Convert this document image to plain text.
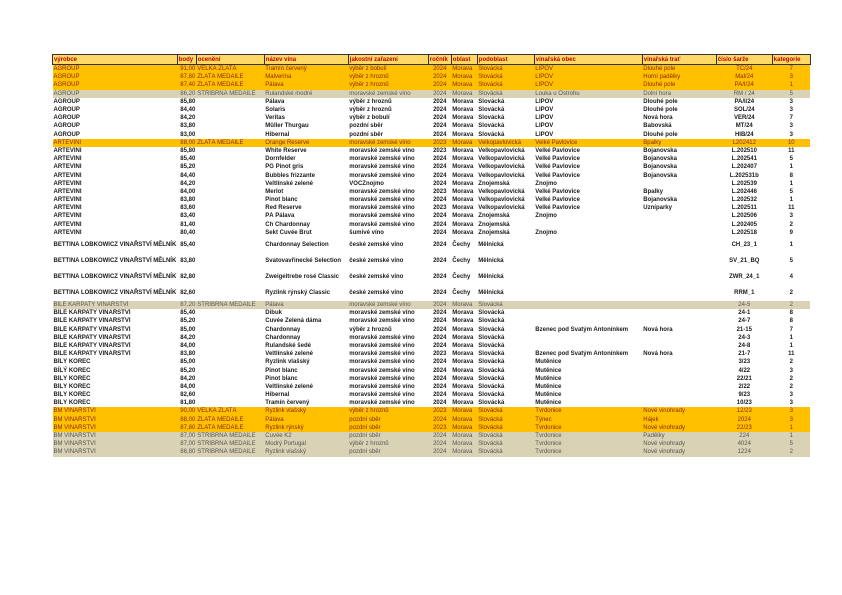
výrobce	body	ocenění	název vína	jakostní zařazení	ročník	oblast	podoblast	vinařská obec	vinařská trať	číslo šarže	kategorie
AGROUP	91,00	VELKÁ ZLATÁ	Tramín červený	výběr z bobulí	2024	Morava	Slovácká	LIPOV	Dlouhé pole	TČ/24	7
AGROUP	87,80	ZLATÁ MEDAILE	Malverina	výběr z hroznů	2024	Morava	Slovácká	LIPOV	Horní padělky	Mal/24	3
AGROUP	87,40	ZLATÁ MEDAILE	Pálava	výběr z hroznů	2024	Morava	Slovácká	LIPOV	Dlouhé pole	PA/I/24	1
AGROUP	86,20	STŘÍBRNÁ MEDAILE	Rulandské modré	moravské zemské víno	2024	Morava	Slovácká	Louka u Ostrohu	Dolní hora	RM / 24	5
AGROUP	85,80		Pálava	výběr z hroznů	2024	Morava	Slovácká	LIPOV	Dlouhé pole	PA/I/24	3
AGROUP	84,40		Solaris	výběr z hroznů	2024	Morava	Slovácká	LIPOV	Dlouhé pole	SOL/24	3
AGROUP	84,20		Veritas	výběr z bobulí	2024	Morava	Slovácká	LIPOV	Nová hora	VER/24	7
AGROUP	83,80		Müller Thurgau	pozdní sběr	2024	Morava	Slovácká	LIPOV	Babovská	MT/24	3
AGROUP	83,00		Hibernal	pozdní sběr	2024	Morava	Slovácká	LIPOV	Dlouhé pole	HIB/24	3
ARTEVINI	88,00	ZLATÁ MEDAILE	Orange Reserve	moravské zemské víno	2023	Morava	Velkopavlovická	Velké Pavlovice	Bpalky	L202412	10
ARTEVINI	85,80		White Reserve	moravské zemské víno	2023	Morava	Velkopavlovická	Velké Pavlovice	Bojanovska	L.202510	11
ARTEVINI	85,40		Dornfelder	moravské zemské víno	2024	Morava	Velkopavlovická	Velké Pavlovice	Bojanovska	L.202541	5
ARTEVINI	85,20		PG Pinot gris	moravské zemské víno	2024	Morava	Velkopavlovická	Velké Pavlovice	Bojanovska	L.202407	1
ARTEVINI	84,40		Bubbles frizzante	moravské zemské víno	2024	Morava	Velkopavlovická	Velké Pavlovice	Bojanovska	L.202531b	8
ARTEVINI	84,20		Veltlínské zelené	VOCZnojmo	2024	Morava	Znojemská	Znojmo		L.202539	1
ARTEVINI	84,00		Merlot	moravské zemské víno	2023	Morava	Velkopavlovická	Velké Pavlovice	Bpalky	L.202446	5
ARTEVINI	83,80		Pinot blanc	moravské zemské víno	2024	Morava	Velkopavlovická	Velké Pavlovice	Bojanovska	L.202532	1
ARTEVINI	83,60		Red Reserve	moravské zemské víno	2023	Morava	Velkopavlovická	Velké Pavlovice	Úzníparky	L.202511	11
ARTEVINI	83,40		PÁ Pálava	moravské zemské víno	2024	Morava	Znojemská	Znojmo		L.202506	3
ARTEVINI	81,40		Ch Chardonnay	moravské zemské víno	2024	Morava	Znojemská			L.202405	2
ARTEVINI	80,40		Sekt Cuvée Brut	šumivé víno	2024	Morava	Znojemská	Znojmo		L.202518	9
BETTINA LOBKOWICZ VINAŘSTVÍ MĚLNÍK	85,40		Chardonnay Selection	české zemské víno	2024	Čechy	Mělnická			CH_23_1	1
BETTINA LOBKOWICZ VINAŘSTVÍ MĚLNÍK	83,80		Svatovavřinecké Selection	české zemské víno	2024	Čechy	Mělnická			SV_21_BQ	5
BETTINA LOBKOWICZ VINAŘSTVÍ MĚLNÍK	82,80		Zweigeltrebe rosé Classic	české zemské víno	2024	Čechy	Mělnická			ZWR_24_1	4
BETTINA LOBKOWICZ VINAŘSTVÍ MĚLNÍK	82,60		Ryzlink rýnský Classic	české zemské víno	2024	Čechy	Mělnická			RRM_1	2
BÍLÉ KARPATY VINAŘSTVÍ	87,20	STŘÍBRNÁ MEDAILE	Pálava	moravské zemské víno	2024	Morava	Slovácká			24-5	2
BÍLÉ KARPATY VINAŘSTVÍ	85,40		Dibuk	moravské zemské víno	2024	Morava	Slovácká			24-1	8
BÍLÉ KARPATY VINAŘSTVÍ	85,20		Cuvée Zelená dáma	moravské zemské víno	2024	Morava	Slovácká			24-7	8
BÍLÉ KARPATY VINAŘSTVÍ	85,00		Chardonnay	výběr z hroznů	2024	Morava	Slovácká	Bzenec pod Svatým Antonínkem	Nová hora	21-15	7
BÍLÉ KARPATY VINAŘSTVÍ	84,20		Chardonnay	moravské zemské víno	2024	Morava	Slovácká			24-3	1
BÍLÉ KARPATY VINAŘSTVÍ	84,00		Rulandské šedé	moravské zemské víno	2024	Morava	Slovácká			24-8	1
BÍLÉ KARPATY VINAŘSTVÍ	83,80		Veltlínské zelené	moravské zemské víno	2023	Morava	Slovácká	Bzenec pod Svatým Antonínkem	Nová hora	21-7	11
BÍLÝ KOREC	85,00		Ryzlink vlašský	moravské zemské víno	2024	Morava	Slovácká	Mutěnice		3/23	2
BÍLÝ KOREC	85,20		Pinot blanc	moravské zemské víno	2024	Morava	Slovácká	Mutěnice		4/22	3
BÍLÝ KOREC	84,20		Pinot blanc	moravské zemské víno	2024	Morava	Slovácká	Mutěnice		22/21	2
BÍLÝ KOREC	84,00		Veltlínské zelené	moravské zemské víno	2024	Morava	Slovácká	Mutěnice		2/22	2
BÍLÝ KOREC	82,60		Hibernal	moravské zemské víno	2024	Morava	Slovácká	Mutěnice		9/23	3
BÍLÝ KOREC	81,80		Tramín červený	moravské zemské víno	2024	Morava	Slovácká	Mutěnice		10/23	3
BM VINAŘSTVÍ	90,00	VELKÁ ZLATÁ	Ryzlink vlašský	výběr z hroznů	2023	Morava	Slovácká	Tvrdonice	Nové vinohrady	12/23	3
BM VINAŘSTVÍ	88,00	ZLATÁ MEDAILE	Pálava	pozdní sběr	2024	Morava	Slovácká	Týnec	Hájek	2024	3
BM VINAŘSTVÍ	87,80	ZLATÁ MEDAILE	Ryzlink rýnský	pozdní sběr	2023	Morava	Slovácká	Tvrdonice	Nové vinohrady	22/23	1
BM VINAŘSTVÍ	87,00	STŘÍBRNÁ MEDAILE	Cuvée K2	pozdní sběr	2024	Morava	Slovácká	Tvrdonice	Padělky	224	1
BM VINAŘSTVÍ	87,00	STŘÍBRNÁ MEDAILE	Modrý Portugal	výběr z hroznů	2024	Morava	Slovácká	Tvrdonice	Nové vinohrady	4024	5
BM VINAŘSTVÍ	86,80	STŘÍBRNÁ MEDAILE	Ryzlink vlašský	pozdní sběr	2024	Morava	Slovácká	Tvrdonice	Nové vinohrady	1224	2
